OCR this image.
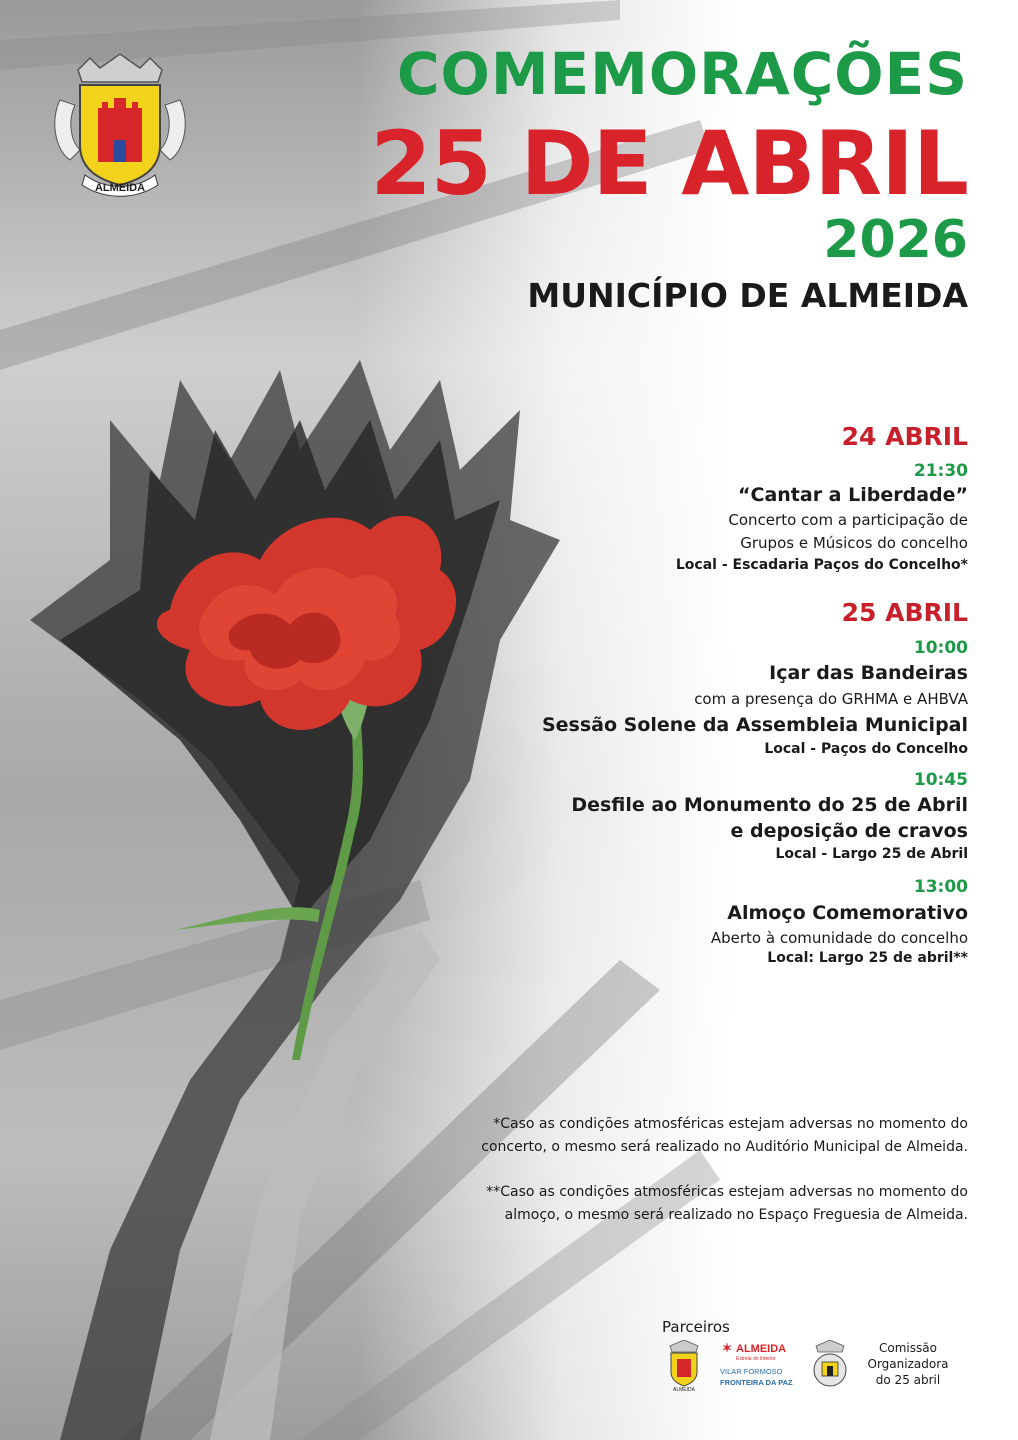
ALMEIDA
COMEMORAÇÕES
25 DE ABRIL
2026
MUNICÍPIO DE ALMEIDA
24 ABRIL
21:30
“Cantar a Liberdade”
Concerto com a participação de
Grupos e Músicos do concelho
Local - Escadaria Paços do Concelho*
25 ABRIL
10:00
Içar das Bandeiras
com a presença do GRHMA e AHBVA
Sessão Solene da Assembleia Municipal
Local - Paços do Concelho
10:45
Desfile ao Monumento do 25 de Abril
e deposição de cravos
Local - Largo 25 de Abril
13:00
Almoço Comemorativo
Aberto à comunidade do concelho
Local: Largo 25 de abril**
*Caso as condições atmosféricas estejam adversas no momento do
concerto, o mesmo será realizado no Auditório Municipal de Almeida.
**Caso as condições atmosféricas estejam adversas no momento do
almoço, o mesmo será realizado no Espaço Freguesia de Almeida.
Parceiros
ALMEIDA
✶ ALMEIDA
Estrela do Interior
VILAR FORMOSO
FRONTEIRA DA PAZ
Comissão
Organizadora
do 25 abril
